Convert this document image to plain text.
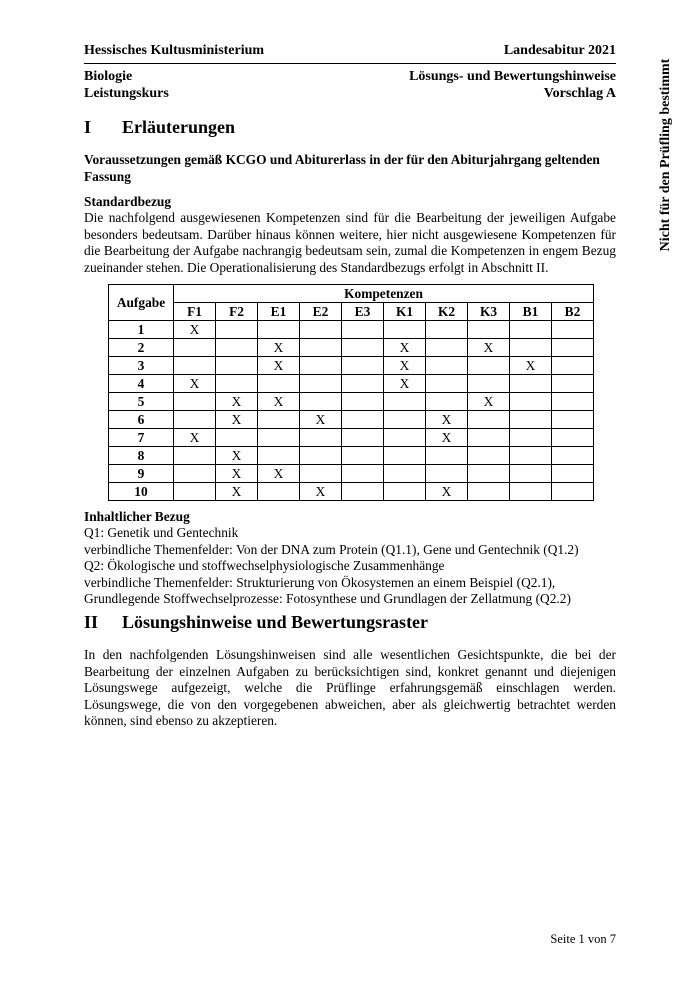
Hessisches Kultusministerium	Landesabitur 2021
Biologie	Lösungs- und Bewertungshinweise
Leistungskurs	Vorschlag A	Nicht für den Prüfling bestimmt
I Erläuterungen
Voraussetzungen gemäß KCGO und Abiturerlass in der für den Abiturjahrgang geltenden Fassung
Standardbezug
Die nachfolgend ausgewiesenen Kompetenzen sind für die Bearbeitung der jeweiligen Aufgabe besonders bedeutsam. Darüber hinaus können weitere, hier nicht ausgewiesene Kompetenzen für die Bearbeitung der Aufgabe nachrangig bedeutsam sein, zumal die Kompetenzen in engem Bezug zueinander stehen. Die Operationalisierung des Standardbezugs erfolgt in Abschnitt II.
Aufgabe	Kompetenzen									
	F1	F2	E1	E2	E3	K1	K2	K3	B1	B2
1	X									
2			X			X		X		
3			X			X			X	
4	X					X				
5		X	X					X		
6		X		X			X			
7	X						X			
8		X								
9		X	X							
10		X		X			X			
Inhaltlicher Bezug
Q1: Genetik und Gentechnik
verbindliche Themenfelder: Von der DNA zum Protein (Q1.1), Gene und Gentechnik (Q1.2)
Q2: Ökologische und stoffwechselphysiologische Zusammenhänge
verbindliche Themenfelder: Strukturierung von Ökosystemen an einem Beispiel (Q2.1), Grundlegende Stoffwechselprozesse: Fotosynthese und Grundlagen der Zellatmung (Q2.2)
II Lösungshinweise und Bewertungsraster
In den nachfolgenden Lösungshinweisen sind alle wesentlichen Gesichtspunkte, die bei der Bearbeitung der einzelnen Aufgaben zu berücksichtigen sind, konkret genannt und diejenigen Lösungswege aufgezeigt, welche die Prüflinge erfahrungsgemäß einschlagen werden. Lösungswege, die von den vorgegebenen abweichen, aber als gleichwertig betrachtet werden können, sind ebenso zu akzeptieren.
Seite 1 von 7
